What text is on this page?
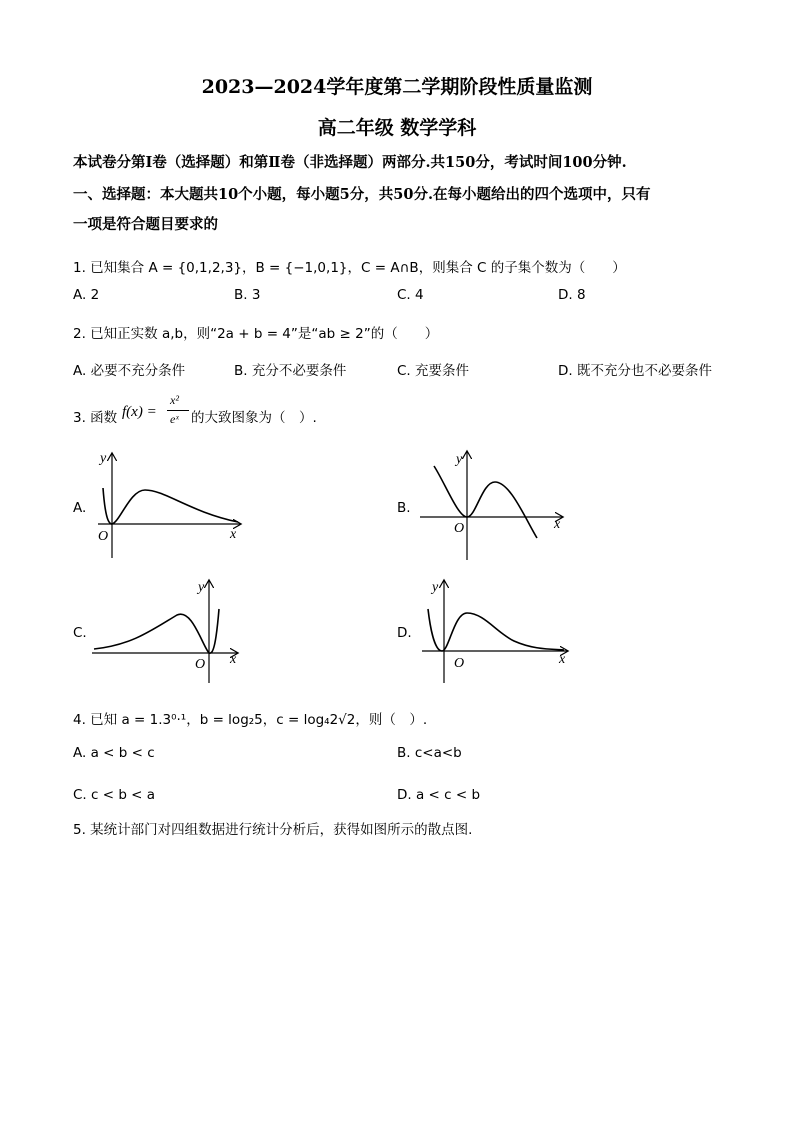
2023—2024学年度第二学期阶段性质量监测
高二年级 数学学科
本试卷分第Ⅰ卷（选择题）和第Ⅱ卷（非选择题）两部分.共150分，考试时间100分钟.
一、选择题：本大题共10个小题，每小题5分，共50分.在每小题给出的四个选项中，只有
一项是符合题目要求的
1. 已知集合 A = {0,1,2,3}，B = {−1,0,1}，C = A∩B，则集合 C 的子集个数为（　　）
A. 2	B. 3	C. 4	D. 8
2. 已知正实数 a,b，则“2a + b = 4”是“ab ≥ 2”的（　　）
A. 必要不充分条件	B. 充分不必要条件	C. 充要条件	D. 既不充分也不必要条件
3. 函数 f(x) =
x²
eˣ 的大致图象为（　）.
A.	B.
C.	D.
y
x
O
y
x
O
y
x
O
y
x
O
4. 已知 a = 1.3⁰·¹，b = log₂5，c = log₄2√2，则（　）.
A. a < b < c	B. c<a<b
C. c < b < a	D. a < c < b
5. 某统计部门对四组数据进行统计分析后，获得如图所示的散点图.
